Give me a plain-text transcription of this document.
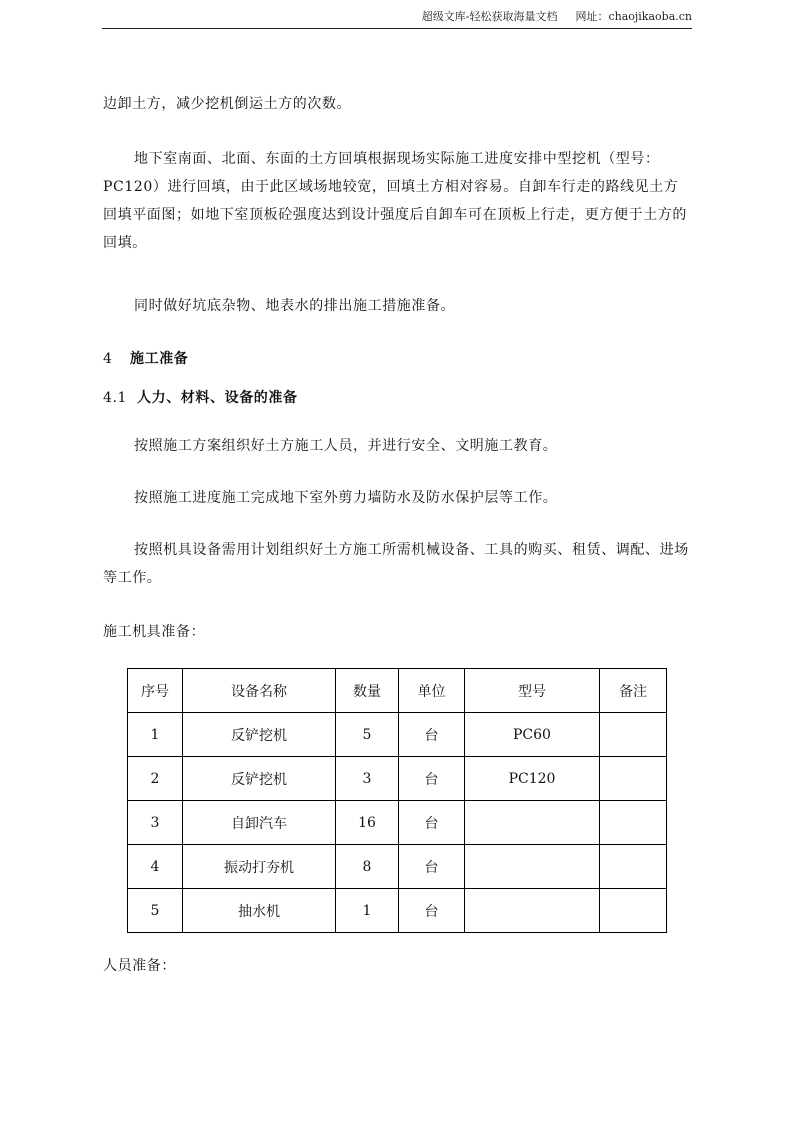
超级文库-轻松获取海量文档 网址：chaojikaoba.cn
边卸土方，减少挖机倒运土方的次数。
地下室南面、北面、东面的土方回填根据现场实际施工进度安排中型挖机（型号：PC120）进行回填，由于此区域场地较宽，回填土方相对容易。自卸车行走的路线见土方回填平面图；如地下室顶板砼强度达到设计强度后自卸车可在顶板上行走，更方便于土方的回填。
同时做好坑底杂物、地表水的排出施工措施准备。
4 施工准备
4.1 人力、材料、设备的准备
按照施工方案组织好土方施工人员，并进行安全、文明施工教育。
按照施工进度施工完成地下室外剪力墙防水及防水保护层等工作。
按照机具设备需用计划组织好土方施工所需机械设备、工具的购买、租赁、调配、进场等工作。
施工机具准备：
序号	设备名称	数量	单位	型号	备注
1	反铲挖机	5	台	PC60	
2	反铲挖机	3	台	PC120	
3	自卸汽车	16	台		
4	振动打夯机	8	台		
5	抽水机	1	台		
人员准备：
